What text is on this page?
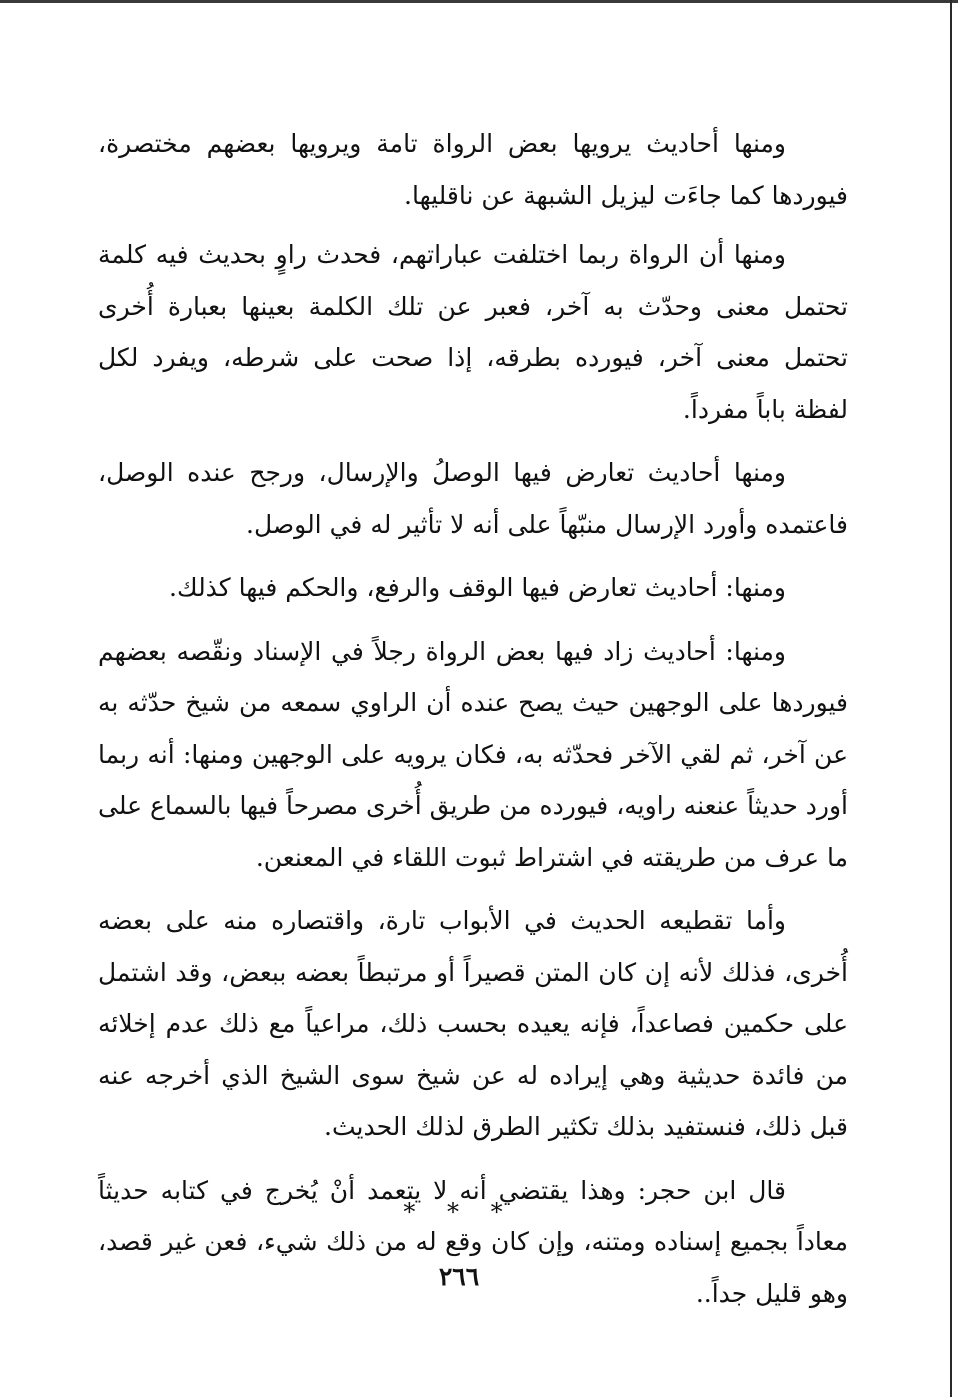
ومنها أحاديث يرويها بعض الرواة تامة ويرويها بعضهم مختصرة، فيوردها كما جاءَت ليزيل الشبهة عن ناقليها.

ومنها أن الرواة ربما اختلفت عباراتهم، فحدث راوٍ بحديث فيه كلمة تحتمل معنى وحدّث به آخر، فعبر عن تلك الكلمة بعينها بعبارة أُخرى تحتمل معنى آخر، فيورده بطرقه، إذا صحت على شرطه، ويفرد لكل لفظة باباً مفرداً.

ومنها أحاديث تعارض فيها الوصلُ والإرسال، ورجح عنده الوصل، فاعتمده وأورد الإرسال منبّهاً على أنه لا تأثير له في الوصل.

ومنها: أحاديث تعارض فيها الوقف والرفع، والحكم فيها كذلك.

ومنها: أحاديث زاد فيها بعض الرواة رجلاً في الإسناد ونقّصه بعضهم فيوردها على الوجهين حيث يصح عنده أن الراوي سمعه من شيخ حدّثه به عن آخر، ثم لقي الآخر فحدّثه به، فكان يرويه على الوجهين ومنها: أنه ربما أورد حديثاً عنعنه راويه، فيورده من طريق أُخرى مصرحاً فيها بالسماع على ما عرف من طريقته في اشتراط ثبوت اللقاء في المعنعن.

وأما تقطيعه الحديث في الأبواب تارة، واقتصاره منه على بعضه أُخرى، فذلك لأنه إن كان المتن قصيراً أو مرتبطاً بعضه ببعض، وقد اشتمل على حكمين فصاعداً، فإنه يعيده بحسب ذلك، مراعياً مع ذلك عدم إخلائه من فائدة حديثية وهي إيراده له عن شيخ سوى الشيخ الذي أخرجه عنه قبل ذلك، فنستفيد بذلك تكثير الطرق لذلك الحديث.

قال ابن حجر: وهذا يقتضي أنه لا يتعمد أنْ يُخرج في كتابه حديثاً معاداً بجميع إسناده ومتنه، وإن كان وقع له من ذلك شيء، فعن غير قصد، وهو قليل جداً..

* * *
٢٦٦
